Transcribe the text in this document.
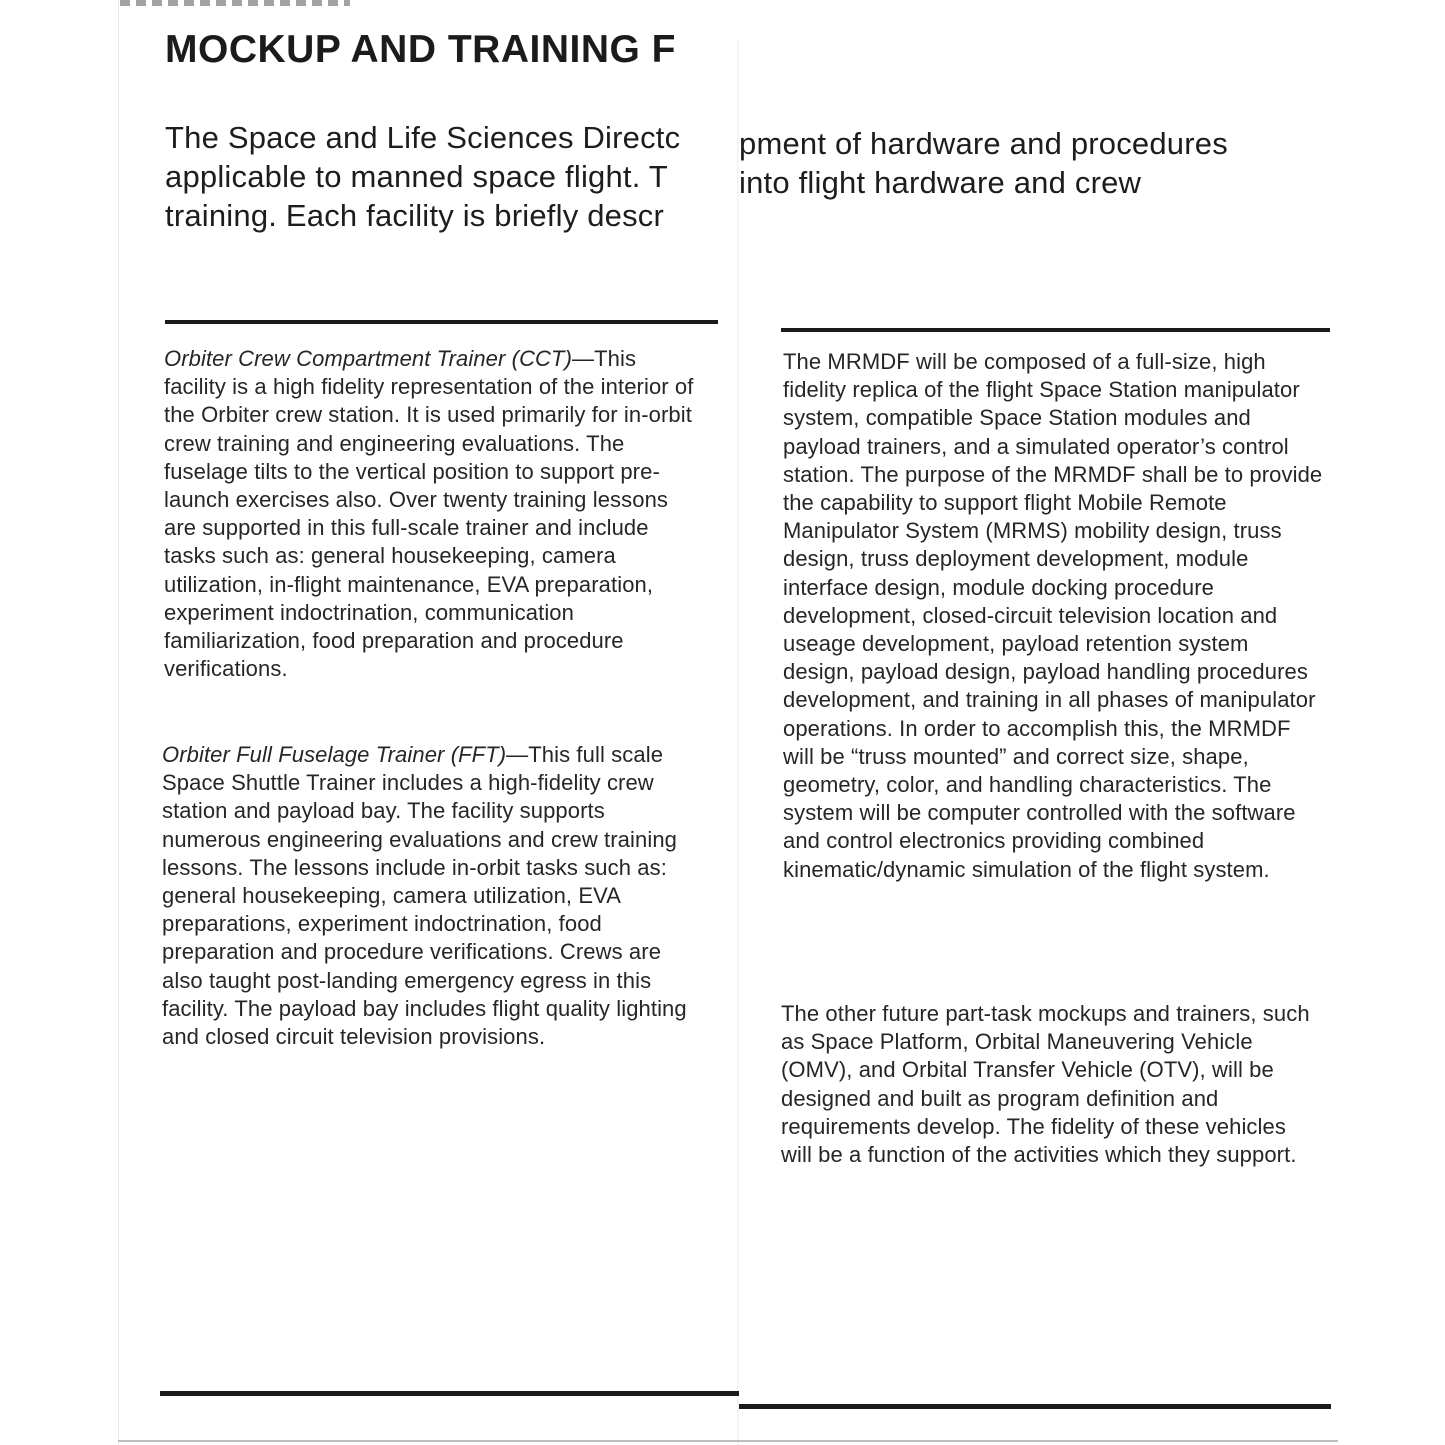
MOCKUP AND TRAINING F
The Space and Life Sciences Directc
applicable to manned space flight. T
training. Each facility is briefly descr
pment of hardware and procedures
into flight hardware and crew

Orbiter Crew Compartment Trainer (CCT)—This facility is a high fidelity representation of the interior of the Orbiter crew station. It is used primarily for in-orbit crew training and engineering evaluations. The fuselage tilts to the vertical position to support pre-launch exercises also. Over twenty training lessons are supported in this full-scale trainer and include tasks such as: general housekeeping, camera utilization, in-flight maintenance, EVA preparation, experiment indoctrination, communication familiarization, food preparation and procedure verifications.

Orbiter Full Fuselage Trainer (FFT)—This full scale Space Shuttle Trainer includes a high-fidelity crew station and payload bay. The facility supports numerous engineering evaluations and crew training lessons. The lessons include in-orbit tasks such as: general housekeeping, camera utilization, EVA preparations, experiment indoctrination, food preparation and procedure verifications. Crews are also taught post-landing emergency egress in this facility. The payload bay includes flight quality lighting and closed circuit television provisions.

The MRMDF will be composed of a full-size, high fidelity replica of the flight Space Station manipulator system, compatible Space Station modules and payload trainers, and a simulated operator’s control station. The purpose of the MRMDF shall be to provide the capability to support flight Mobile Remote Manipulator System (MRMS) mobility design, truss design, truss deployment development, module interface design, module docking procedure development, closed-circuit television location and useage development, payload retention system design, payload design, payload handling procedures development, and training in all phases of manipulator operations. In order to accomplish this, the MRMDF will be “truss mounted” and correct size, shape, geometry, color, and handling characteristics. The system will be computer controlled with the software and control electronics providing combined kinematic/dynamic simulation of the flight system.

The other future part-task mockups and trainers, such as Space Platform, Orbital Maneuvering Vehicle (OMV), and Orbital Transfer Vehicle (OTV), will be designed and built as program definition and requirements develop. The fidelity of these vehicles will be a function of the activities which they support.
